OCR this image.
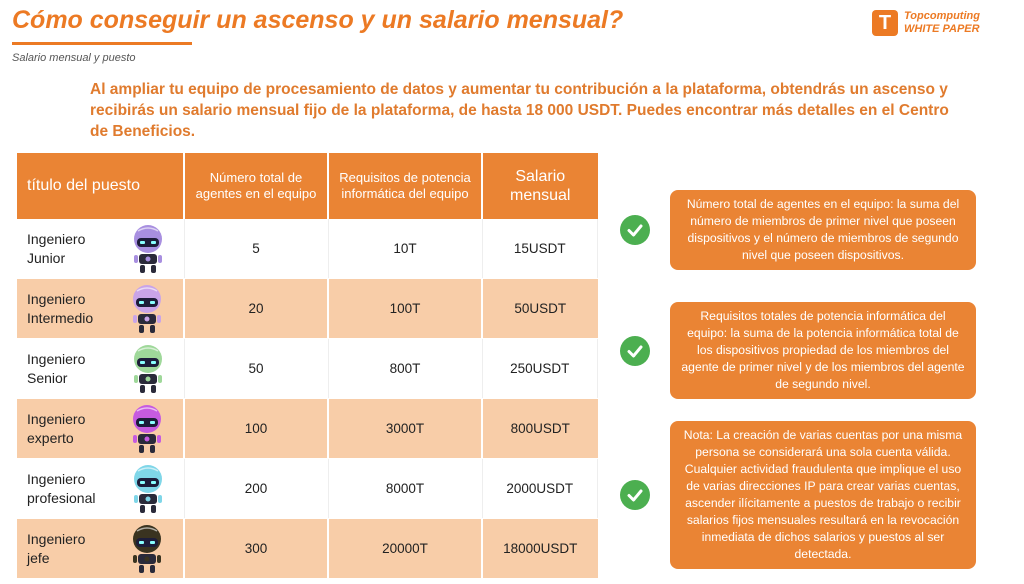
Cómo conseguir un ascenso y un salario mensual?
Salario mensual y puesto
T	Topcomputing
WHITE PAPER
Al ampliar tu equipo de procesamiento de datos y aumentar tu contribución a la plataforma, obtendrás un ascenso y recibirás un salario mensual fijo de la plataforma, de hasta 18 000 USDT. Puedes encontrar más detalles en el Centro de Beneficios.
título del puesto	Número total de agentes en el equipo	Requisitos de potencia informática del equipo	Salario mensual

Ingeniero
Junior	5	10T	15USDT

Ingeniero
Intermedio	20	100T	50USDT

Ingeniero
Senior	50	800T	250USDT

Ingeniero
experto	100	3000T	800USDT

Ingeniero
profesional	200	8000T	2000USDT

Ingeniero
jefe	300	20000T	18000USDT
Número total de agentes en el equipo: la suma del número de miembros de primer nivel que poseen dispositivos y el número de miembros de segundo nivel que poseen dispositivos.
Requisitos totales de potencia informática del equipo: la suma de la potencia informática total de los dispositivos propiedad de los miembros del agente de primer nivel y de los miembros del agente de segundo nivel.
Nota: La creación de varias cuentas por una misma persona se considerará una sola cuenta válida. Cualquier actividad fraudulenta que implique el uso de varias direcciones IP para crear varias cuentas, ascender ilícitamente a puestos de trabajo o recibir salarios fijos mensuales resultará en la revocación inmediata de dichos salarios y puestos al ser detectada.
